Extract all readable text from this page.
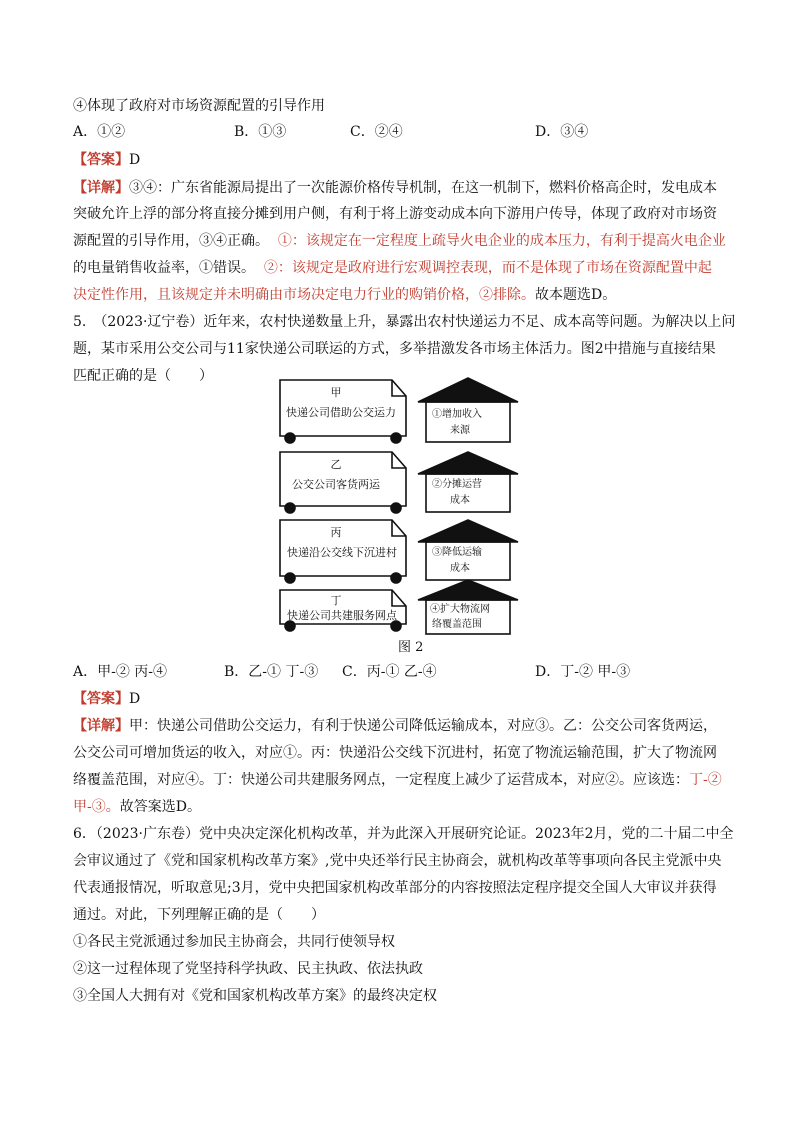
④体现了政府对市场资源配置的引导作用
A．①②	B．①③	C．②④	D．③④
【答案】D
【详解】③④：广东省能源局提出了一次能源价格传导机制，在这一机制下，燃料价格高企时，发电成本
突破允许上浮的部分将直接分摊到用户侧，有利于将上游变动成本向下游用户传导，体现了政府对市场资
源配置的引导作用，③④正确。 ①：该规定在一定程度上疏导火电企业的成本压力，有利于提高火电企业
的电量销售收益率，①错误。 ②：该规定是政府进行宏观调控表现，而不是体现了市场在资源配置中起
决定性作用，且该规定并未明确由市场决定电力行业的购销价格，②排除。故本题选D。
5.　（2023·辽宁卷）近年来，农村快递数量上升，暴露出农村快递运力不足、成本高等问题。为解决以上问
题，某市采用公交公司与11家快递公司联运的方式，多举措激发各市场主体活力。图2中措施与直接结果
匹配正确的是（　　）
甲
快递公司借助公交运力
乙
公交公司客货两运
丙
快递沿公交线下沉进村
丁
快递公司共建服务网点
①增加收入
来源
②分摊运营
成本
③降低运输
成本
④扩大物流网
络覆盖范围
图 2
A．甲-② 丙-④	B．乙-① 丁-③ C．丙-① 乙-④	D．丁-② 甲-③
【答案】D
【详解】甲：快递公司借助公交运力，有利于快递公司降低运输成本，对应③。乙：公交公司客货两运，
公交公司可增加货运的收入，对应①。丙：快递沿公交线下沉进村，拓宽了物流运输范围，扩大了物流网
络覆盖范围，对应④。丁：快递公司共建服务网点，一定程度上减少了运营成本，对应②。应该选：丁-②
甲-③。故答案选D。
6．（2023·广东卷）党中央决定深化机构改革，并为此深入开展研究论证。2023年2月，党的二十届二中全
会审议通过了《党和国家机构改革方案》,党中央还举行民主协商会，就机构改革等事项向各民主党派中央
代表通报情况，听取意见;3月，党中央把国家机构改革部分的内容按照法定程序提交全国人大审议并获得
通过。对此，下列理解正确的是（　　）
①各民主党派通过参加民主协商会，共同行使领导权
②这一过程体现了党坚持科学执政、民主执政、依法执政
③全国人大拥有对《党和国家机构改革方案》的最终决定权
